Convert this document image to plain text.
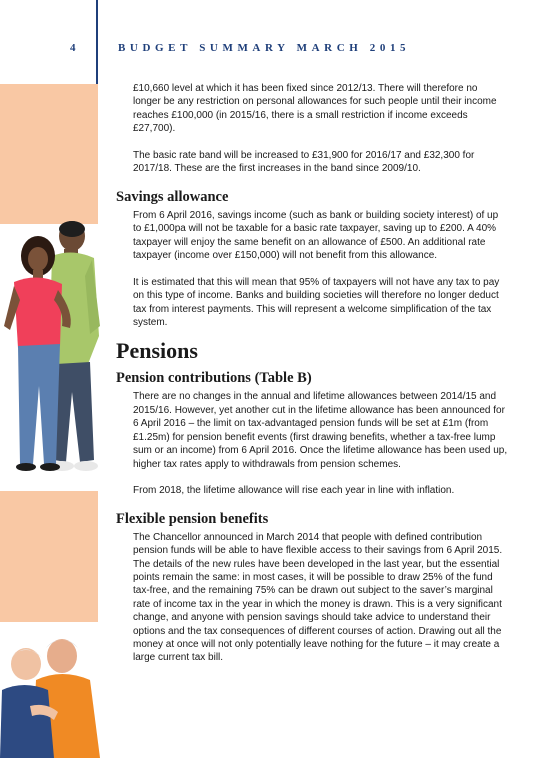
4	BUDGET SUMMARY MARCH 2015

£10,660 level at which it has been fixed since 2012/13. There will therefore no longer be any restriction on personal allowances for such people until their income reaches £100,000 (in 2015/16, there is a small restriction if income exceeds £27,700).

The basic rate band will be increased to £31,900 for 2016/17 and £32,300 for 2017/18. These are the first increases in the band since 2009/10.

Savings allowance

From 6 April 2016, savings income (such as bank or building society interest) of up to £1,000pa will not be taxable for a basic rate taxpayer, saving up to £200. A 40% taxpayer will enjoy the same benefit on an allowance of £500. An additional rate taxpayer (income over £150,000) will not benefit from this allowance.

It is estimated that this will mean that 95% of taxpayers will not have any tax to pay on this type of income. Banks and building societies will therefore no longer deduct tax from interest payments. This will represent a welcome simplification of the tax system.

Pensions
Pension contributions (Table B)

There are no changes in the annual and lifetime allowances between 2014/15 and 2015/16. However, yet another cut in the lifetime allowance has been announced for 6 April 2016 – the limit on tax-advantaged pension funds will be set at £1m (from £1.25m) for pension benefit events (first drawing benefits, whether a tax-free lump sum or an income) from 6 April 2016. Once the lifetime allowance has been used up, higher tax rates apply to withdrawals from pension schemes.

From 2018, the lifetime allowance will rise each year in line with inflation.

Flexible pension benefits

The Chancellor announced in March 2014 that people with defined contribution pension funds will be able to have flexible access to their savings from 6 April 2015. The details of the new rules have been developed in the last year, but the essential points remain the same: in most cases, it will be possible to draw 25% of the fund tax-free, and the remaining 75% can be drawn out subject to the saver’s marginal rate of income tax in the year in which the money is drawn. This is a very significant change, and anyone with pension savings should take advice to understand their options and the tax consequences of different courses of action. Drawing out all the money at once will not only potentially leave nothing for the future – it may create a large current tax bill.
